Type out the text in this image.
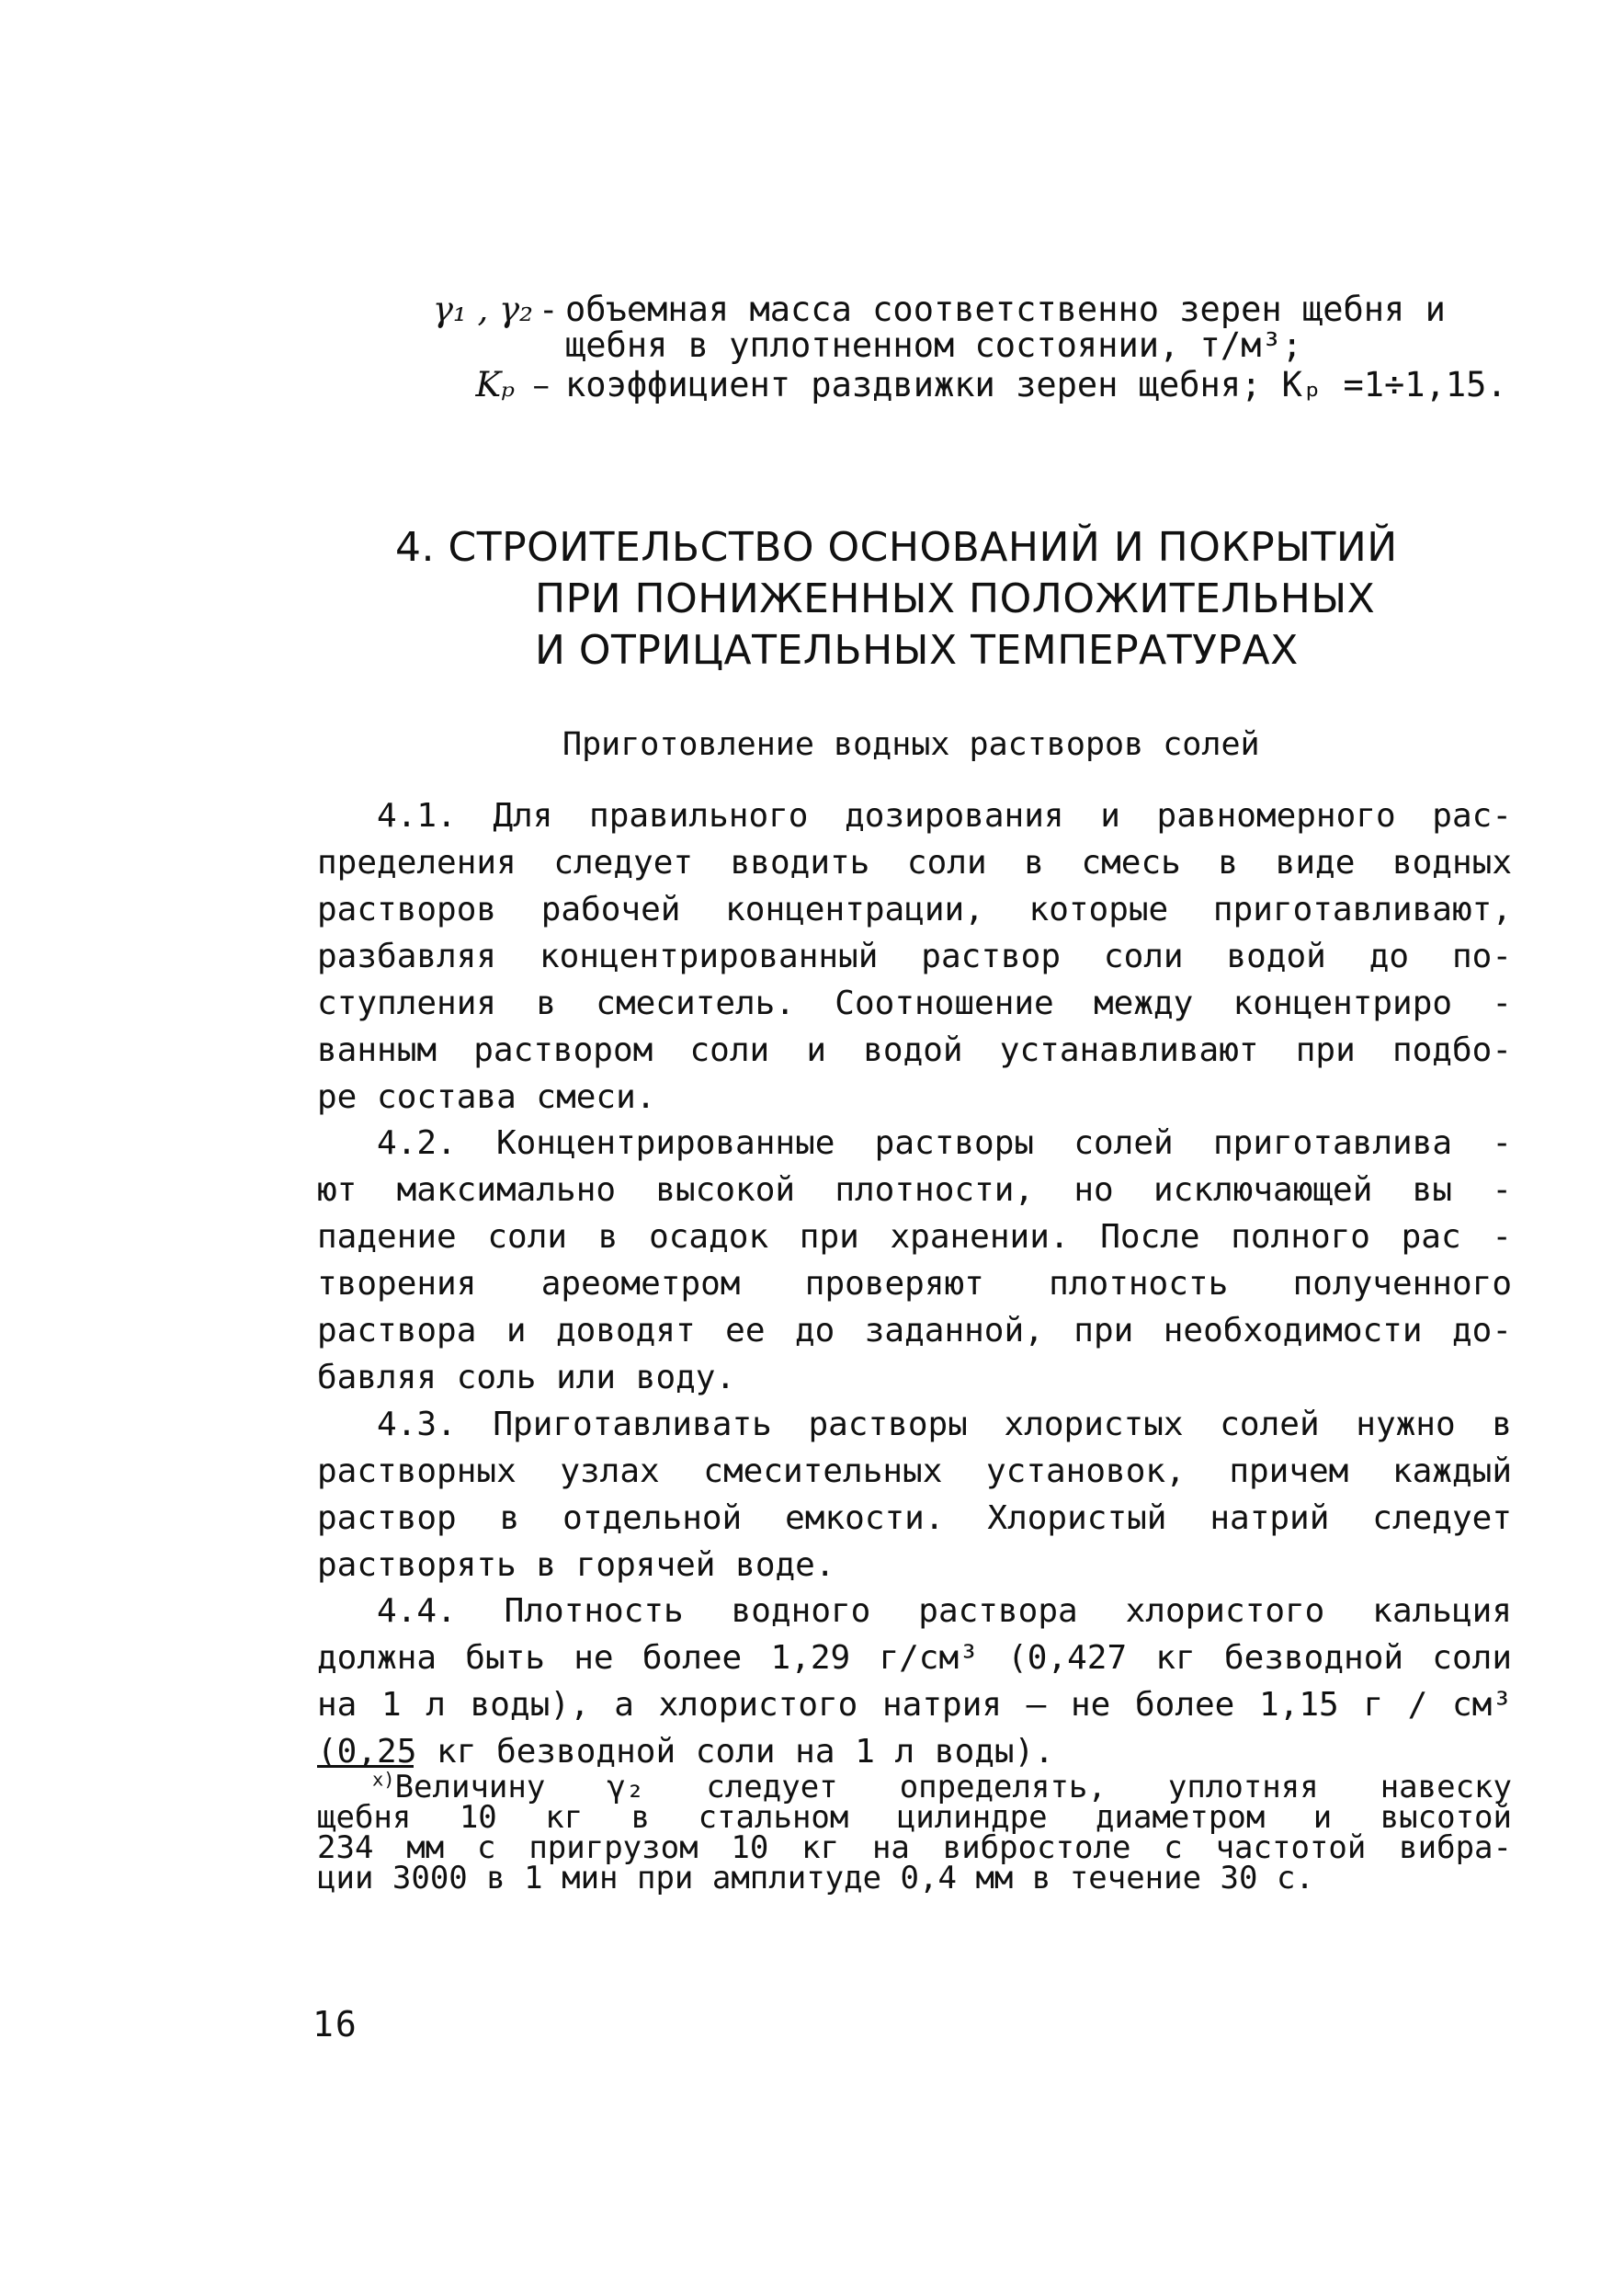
γ₁ , γ₂ - объемная масса соответственно зерен щебня и
щебня в уплотненном состоянии, т/м³;
Kₚ – коэффициент раздвижки зерен щебня; Kₚ =1÷1,15.
4. СТРОИТЕЛЬСТВО ОСНОВАНИЙ И ПОКРЫТИЙ
ПРИ ПОНИЖЕННЫХ ПОЛОЖИТЕЛЬНЫХ
И ОТРИЦАТЕЛЬНЫХ ТЕМПЕРАТУРАХ
Приготовление водных растворов солей
4.1. Для правильного дозирования и равномерного рас-
пределения следует вводить соли в смесь в виде водных
растворов рабочей концентрации, которые приготавливают,
разбавляя концентрированный раствор соли водой до по-
ступления в смеситель. Соотношение между концентриро -
ванным раствором соли и водой устанавливают при подбо-
ре состава смеси.
4.2. Концентрированные растворы солей приготавлива -
ют максимально высокой плотности, но исключающей вы -
падение соли в осадок при хранении. После полного рас -
творения ареометром проверяют плотность полученного
раствора и доводят ее до заданной, при необходимости до-
бавляя соль или воду.
4.3. Приготавливать растворы хлористых солей нужно в
растворных узлах смесительных установок, причем каждый
раствор в отдельной емкости. Хлористый натрий следует
растворять в горячей воде.
4.4. Плотность водного раствора хлористого кальция
должна быть не более 1,29 г/см³ (0,427 кг безводной соли
на 1 л воды), а хлористого натрия – не более 1,15 г / см³
(0,25 кг безводной соли на 1 л воды).
$^{х)}$Величину γ₂ следует определять, уплотняя навеску
щебня 10 кг в стальном цилиндре диаметром и высотой
234 мм с пригрузом 10 кг на вибростоле с частотой вибра-
ции 3000 в 1 мин при амплитуде 0,4 мм в течение 30 с.
16
